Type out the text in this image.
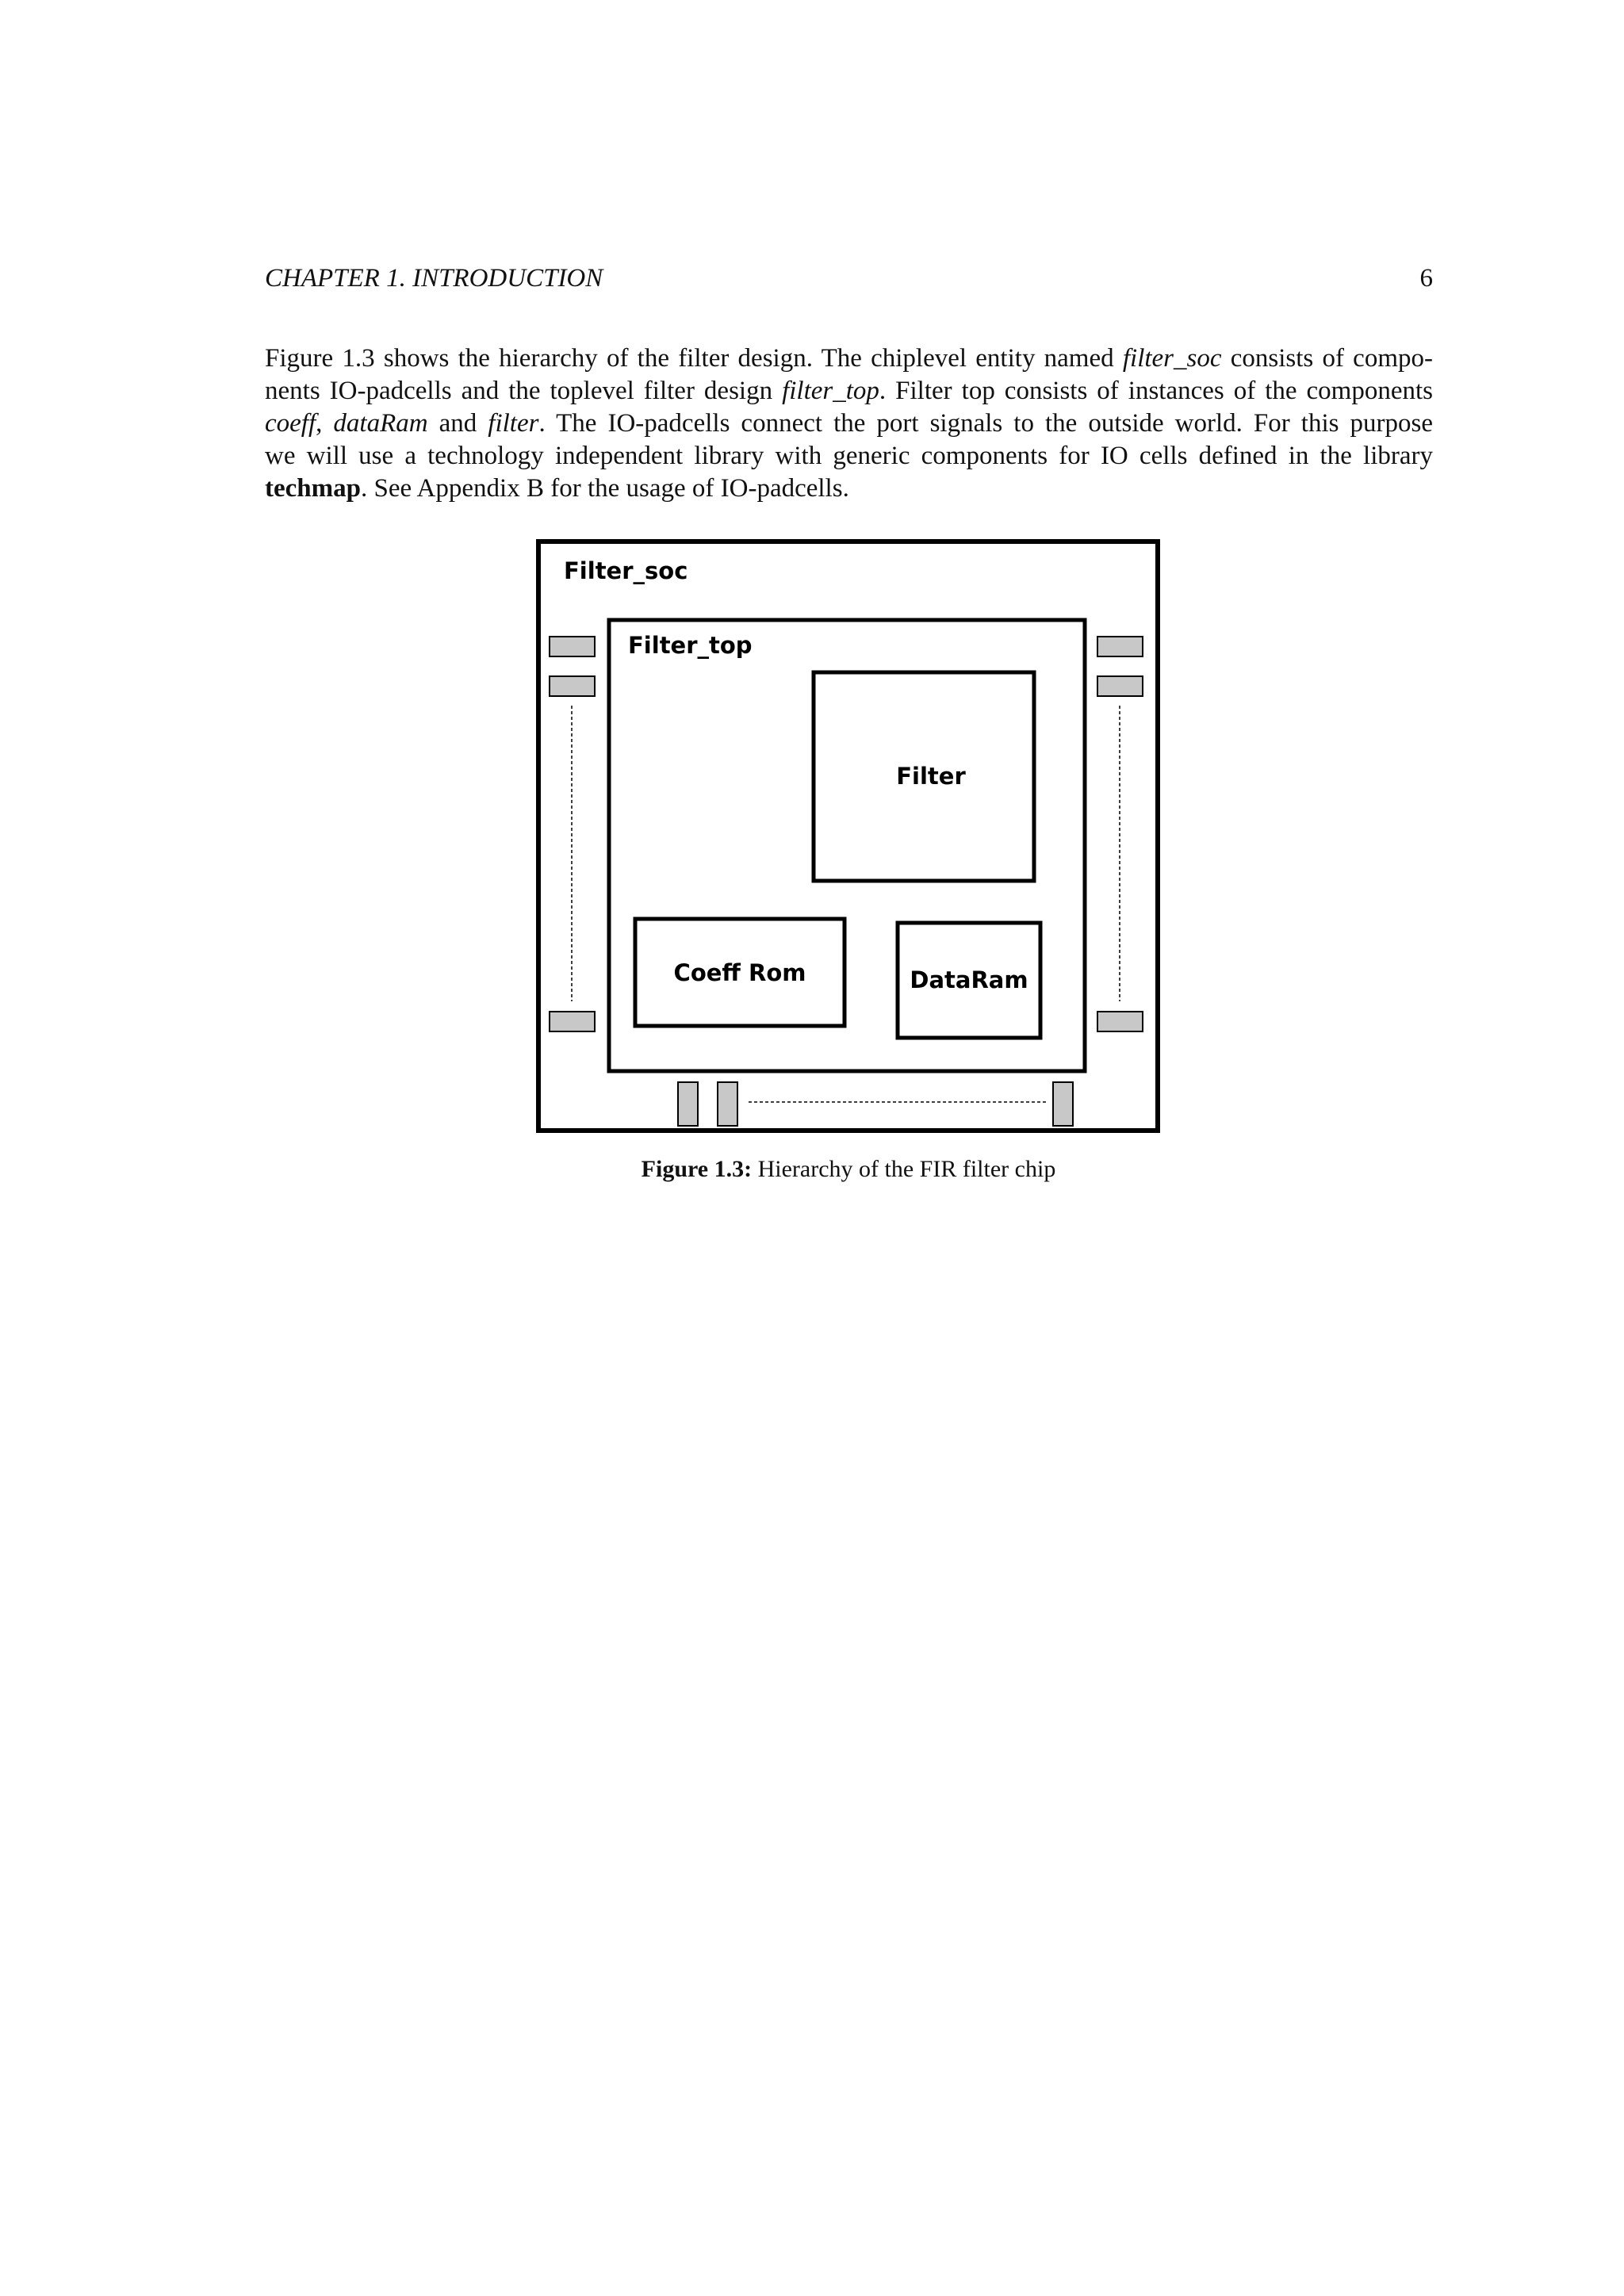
CHAPTER 1. INTRODUCTION	6
Figure 1.3 shows the hierarchy of the filter design. The chiplevel entity named filter_soc consists of compo-
nents IO-padcells and the toplevel filter design filter_top. Filter top consists of instances of the components
coeff, dataRam and filter. The IO-padcells connect the port signals to the outside world. For this purpose
we will use a technology independent library with generic components for IO cells defined in the library
techmap. See Appendix B for the usage of IO-padcells.
Filter_soc
Filter_top
Filter
Coeff Rom	DataRam
Figure 1.3: Hierarchy of the FIR filter chip
